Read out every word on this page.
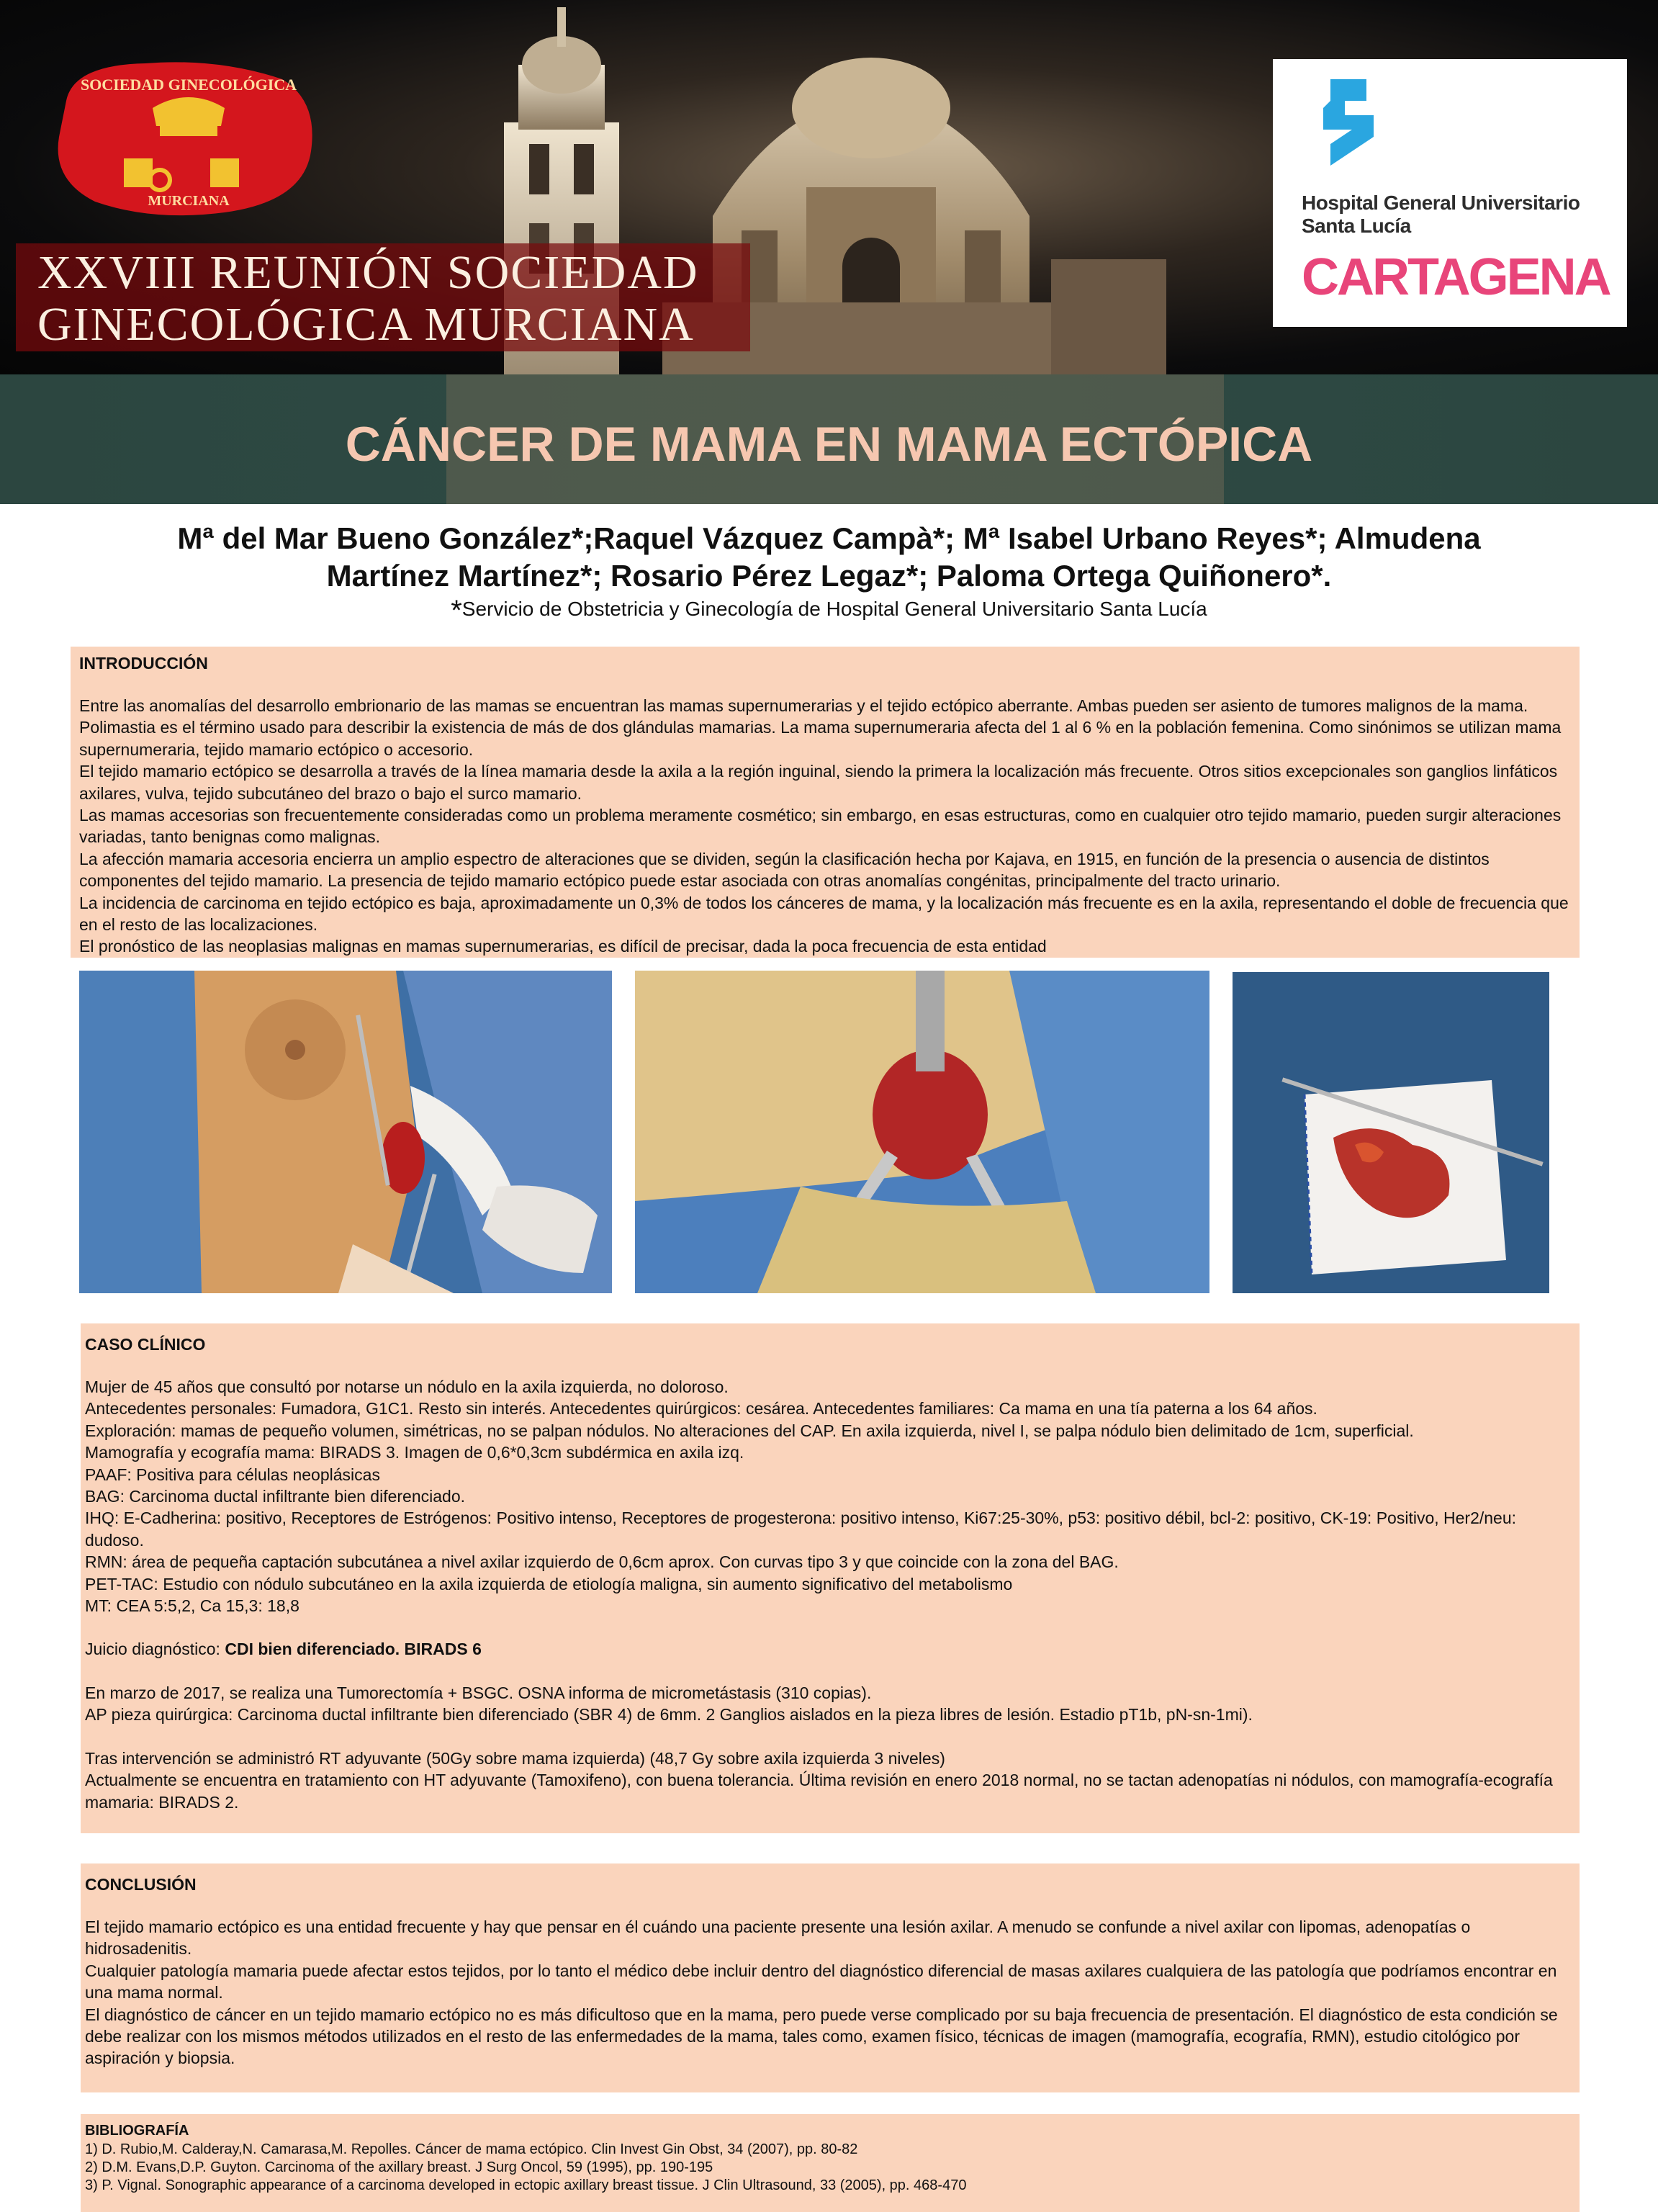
SOCIEDAD GINECOLÓGICA
MURCIANA
XXVIII REUNIÓN SOCIEDAD
GINECOLÓGICA MURCIANA
Hospital General Universitario
Santa Lucía
CARTAGENA
CÁNCER DE MAMA EN MAMA ECTÓPICA
Mª del Mar Bueno González*;Raquel Vázquez Campà*; Mª Isabel Urbano Reyes*; Almudena
Martínez Martínez*; Rosario Pérez Legaz*; Paloma Ortega Quiñonero*.
*Servicio de Obstetricia y Ginecología de Hospital General Universitario Santa Lucía
INTRODUCCIÓN
Entre las anomalías del desarrollo embrionario de las mamas se encuentran las mamas supernumerarias y el tejido ectópico aberrante. Ambas pueden ser asiento de tumores malignos de la mama. Polimastia es el término usado para describir la existencia de más de dos glándulas mamarias. La mama supernumeraria afecta del 1 al 6 % en la población femenina. Como sinónimos se utilizan mama supernumeraria, tejido mamario ectópico o accesorio.
El tejido mamario ectópico se desarrolla a través de la línea mamaria desde la axila a la región inguinal, siendo la primera la localización más frecuente. Otros sitios excepcionales son ganglios linfáticos axilares, vulva, tejido subcutáneo del brazo o bajo el surco mamario.
Las mamas accesorias son frecuentemente consideradas como un problema meramente cosmético; sin embargo, en esas estructuras, como en cualquier otro tejido mamario, pueden surgir alteraciones variadas, tanto benignas como malignas.
La afección mamaria accesoria encierra un amplio espectro de alteraciones que se dividen, según la clasificación hecha por Kajava, en 1915, en función de la presencia o ausencia de distintos componentes del tejido mamario. La presencia de tejido mamario ectópico puede estar asociada con otras anomalías congénitas, principalmente del tracto urinario.
La incidencia de carcinoma en tejido ectópico es baja, aproximadamente un 0,3% de todos los cánceres de mama, y la localización más frecuente es en la axila, representando el doble de frecuencia que en el resto de las localizaciones.
El pronóstico de las neoplasias malignas en mamas supernumerarias, es difícil de precisar, dada la poca frecuencia de esta entidad
CASO CLÍNICO
Mujer de 45 años que consultó por notarse un nódulo en la axila izquierda, no doloroso.
Antecedentes personales: Fumadora, G1C1. Resto sin interés. Antecedentes quirúrgicos: cesárea. Antecedentes familiares: Ca mama en una tía paterna a los 64 años.
Exploración: mamas de pequeño volumen, simétricas, no se palpan nódulos. No alteraciones del CAP. En axila izquierda, nivel I, se palpa nódulo bien delimitado de 1cm, superficial.
Mamografía y ecografía mama: BIRADS 3. Imagen de 0,6*0,3cm subdérmica en axila izq.
PAAF: Positiva para células neoplásicas
BAG: Carcinoma ductal infiltrante bien diferenciado.
IHQ: E-Cadherina: positivo, Receptores de Estrógenos: Positivo intenso, Receptores de progesterona: positivo intenso, Ki67:25-30%, p53: positivo débil, bcl-2: positivo, CK-19: Positivo, Her2/neu: dudoso.
RMN: área de pequeña captación subcutánea a nivel axilar izquierdo de 0,6cm aprox. Con curvas tipo 3 y que coincide con la zona del BAG.
PET-TAC: Estudio con nódulo subcutáneo en la axila izquierda de etiología maligna, sin aumento significativo del metabolismo
MT: CEA 5:5,2, Ca 15,3: 18,8
Juicio diagnóstico: CDI bien diferenciado. BIRADS 6
En marzo de 2017, se realiza una Tumorectomía + BSGC. OSNA informa de micrometástasis (310 copias).
AP pieza quirúrgica: Carcinoma ductal infiltrante bien diferenciado (SBR 4) de 6mm. 2 Ganglios aislados en la pieza libres de lesión. Estadio pT1b, pN-sn-1mi).
Tras intervención se administró RT adyuvante (50Gy sobre mama izquierda) (48,7 Gy sobre axila izquierda 3 niveles)
Actualmente se encuentra en tratamiento con HT adyuvante (Tamoxifeno), con buena tolerancia. Última revisión en enero 2018 normal, no se tactan adenopatías ni nódulos, con mamografía-ecografía mamaria: BIRADS 2.
CONCLUSIÓN
El tejido mamario ectópico es una entidad frecuente y hay que pensar en él cuándo una paciente presente una lesión axilar. A menudo se confunde a nivel axilar con lipomas, adenopatías o hidrosadenitis.
Cualquier patología mamaria puede afectar estos tejidos, por lo tanto el médico debe incluir dentro del diagnóstico diferencial de masas axilares cualquiera de las patología que podríamos encontrar en una mama normal.
El diagnóstico de cáncer en un tejido mamario ectópico no es más dificultoso que en la mama, pero puede verse complicado por su baja frecuencia de presentación. El diagnóstico de esta condición se debe realizar con los mismos métodos utilizados en el resto de las enfermedades de la mama, tales como, examen físico, técnicas de imagen (mamografía, ecografía, RMN), estudio citológico por aspiración y biopsia.
BIBLIOGRAFÍA
1) D. Rubio,M. Calderay,N. Camarasa,M. Repolles. Cáncer de mama ectópico. Clin Invest Gin Obst, 34 (2007), pp. 80-82
2) D.M. Evans,D.P. Guyton. Carcinoma of the axillary breast. J Surg Oncol, 59 (1995), pp. 190-195
3) P. Vignal. Sonographic appearance of a carcinoma developed in ectopic axillary breast tissue. J Clin Ultrasound, 33 (2005), pp. 468-470
